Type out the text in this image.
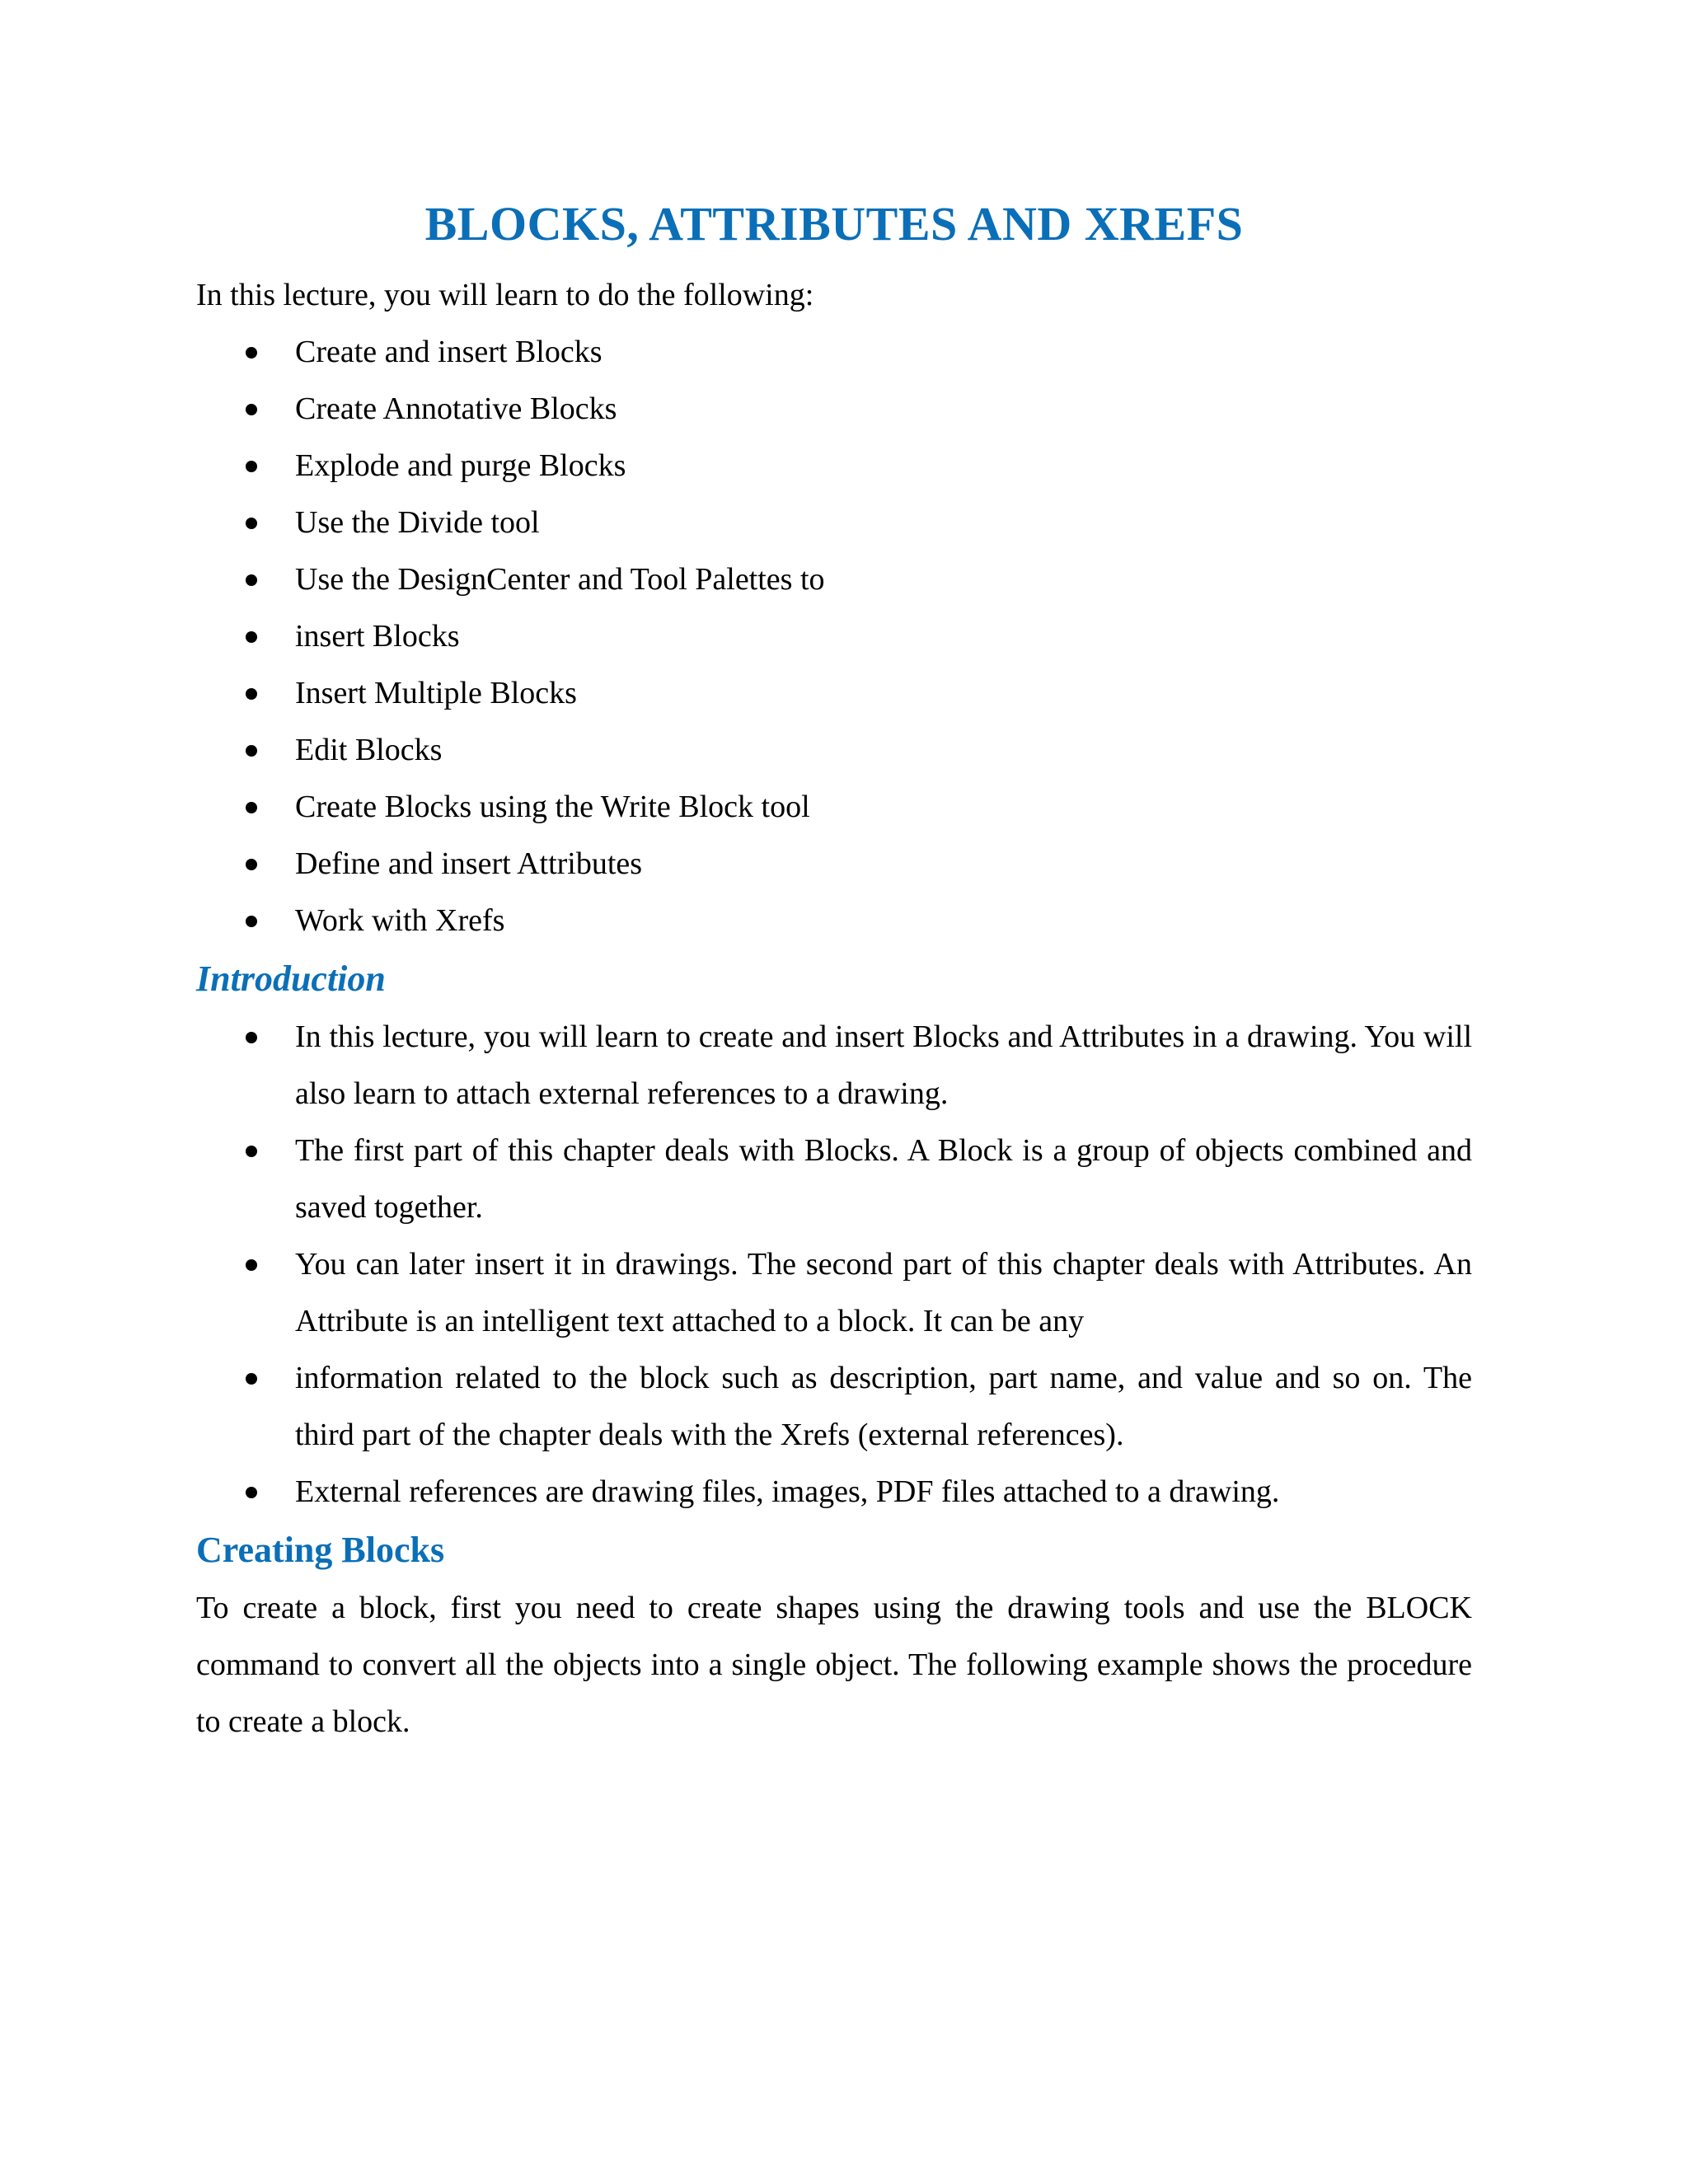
BLOCKS, ATTRIBUTES AND XREFS

In this lecture, you will learn to do the following:

Create and insert Blocks
Create Annotative Blocks
Explode and purge Blocks
Use the Divide tool
Use the DesignCenter and Tool Palettes to
insert Blocks
Insert Multiple Blocks
Edit Blocks
Create Blocks using the Write Block tool
Define and insert Attributes
Work with Xrefs
Introduction
In this lecture, you will learn to create and insert Blocks and Attributes in a drawing. You will also learn to attach external references to a drawing.
The first part of this chapter deals with Blocks. A Block is a group of objects combined and saved together.
You can later insert it in drawings. The second part of this chapter deals with Attributes. An Attribute is an intelligent text attached to a block. It can be any
information related to the block such as description, part name, and value and so on. The third part of the chapter deals with the Xrefs (external references).
External references are drawing files, images, PDF files attached to a drawing.
Creating Blocks

To create a block, first you need to create shapes using the drawing tools and use the BLOCK command to convert all the objects into a single object. The following example shows the procedure to create a block.
